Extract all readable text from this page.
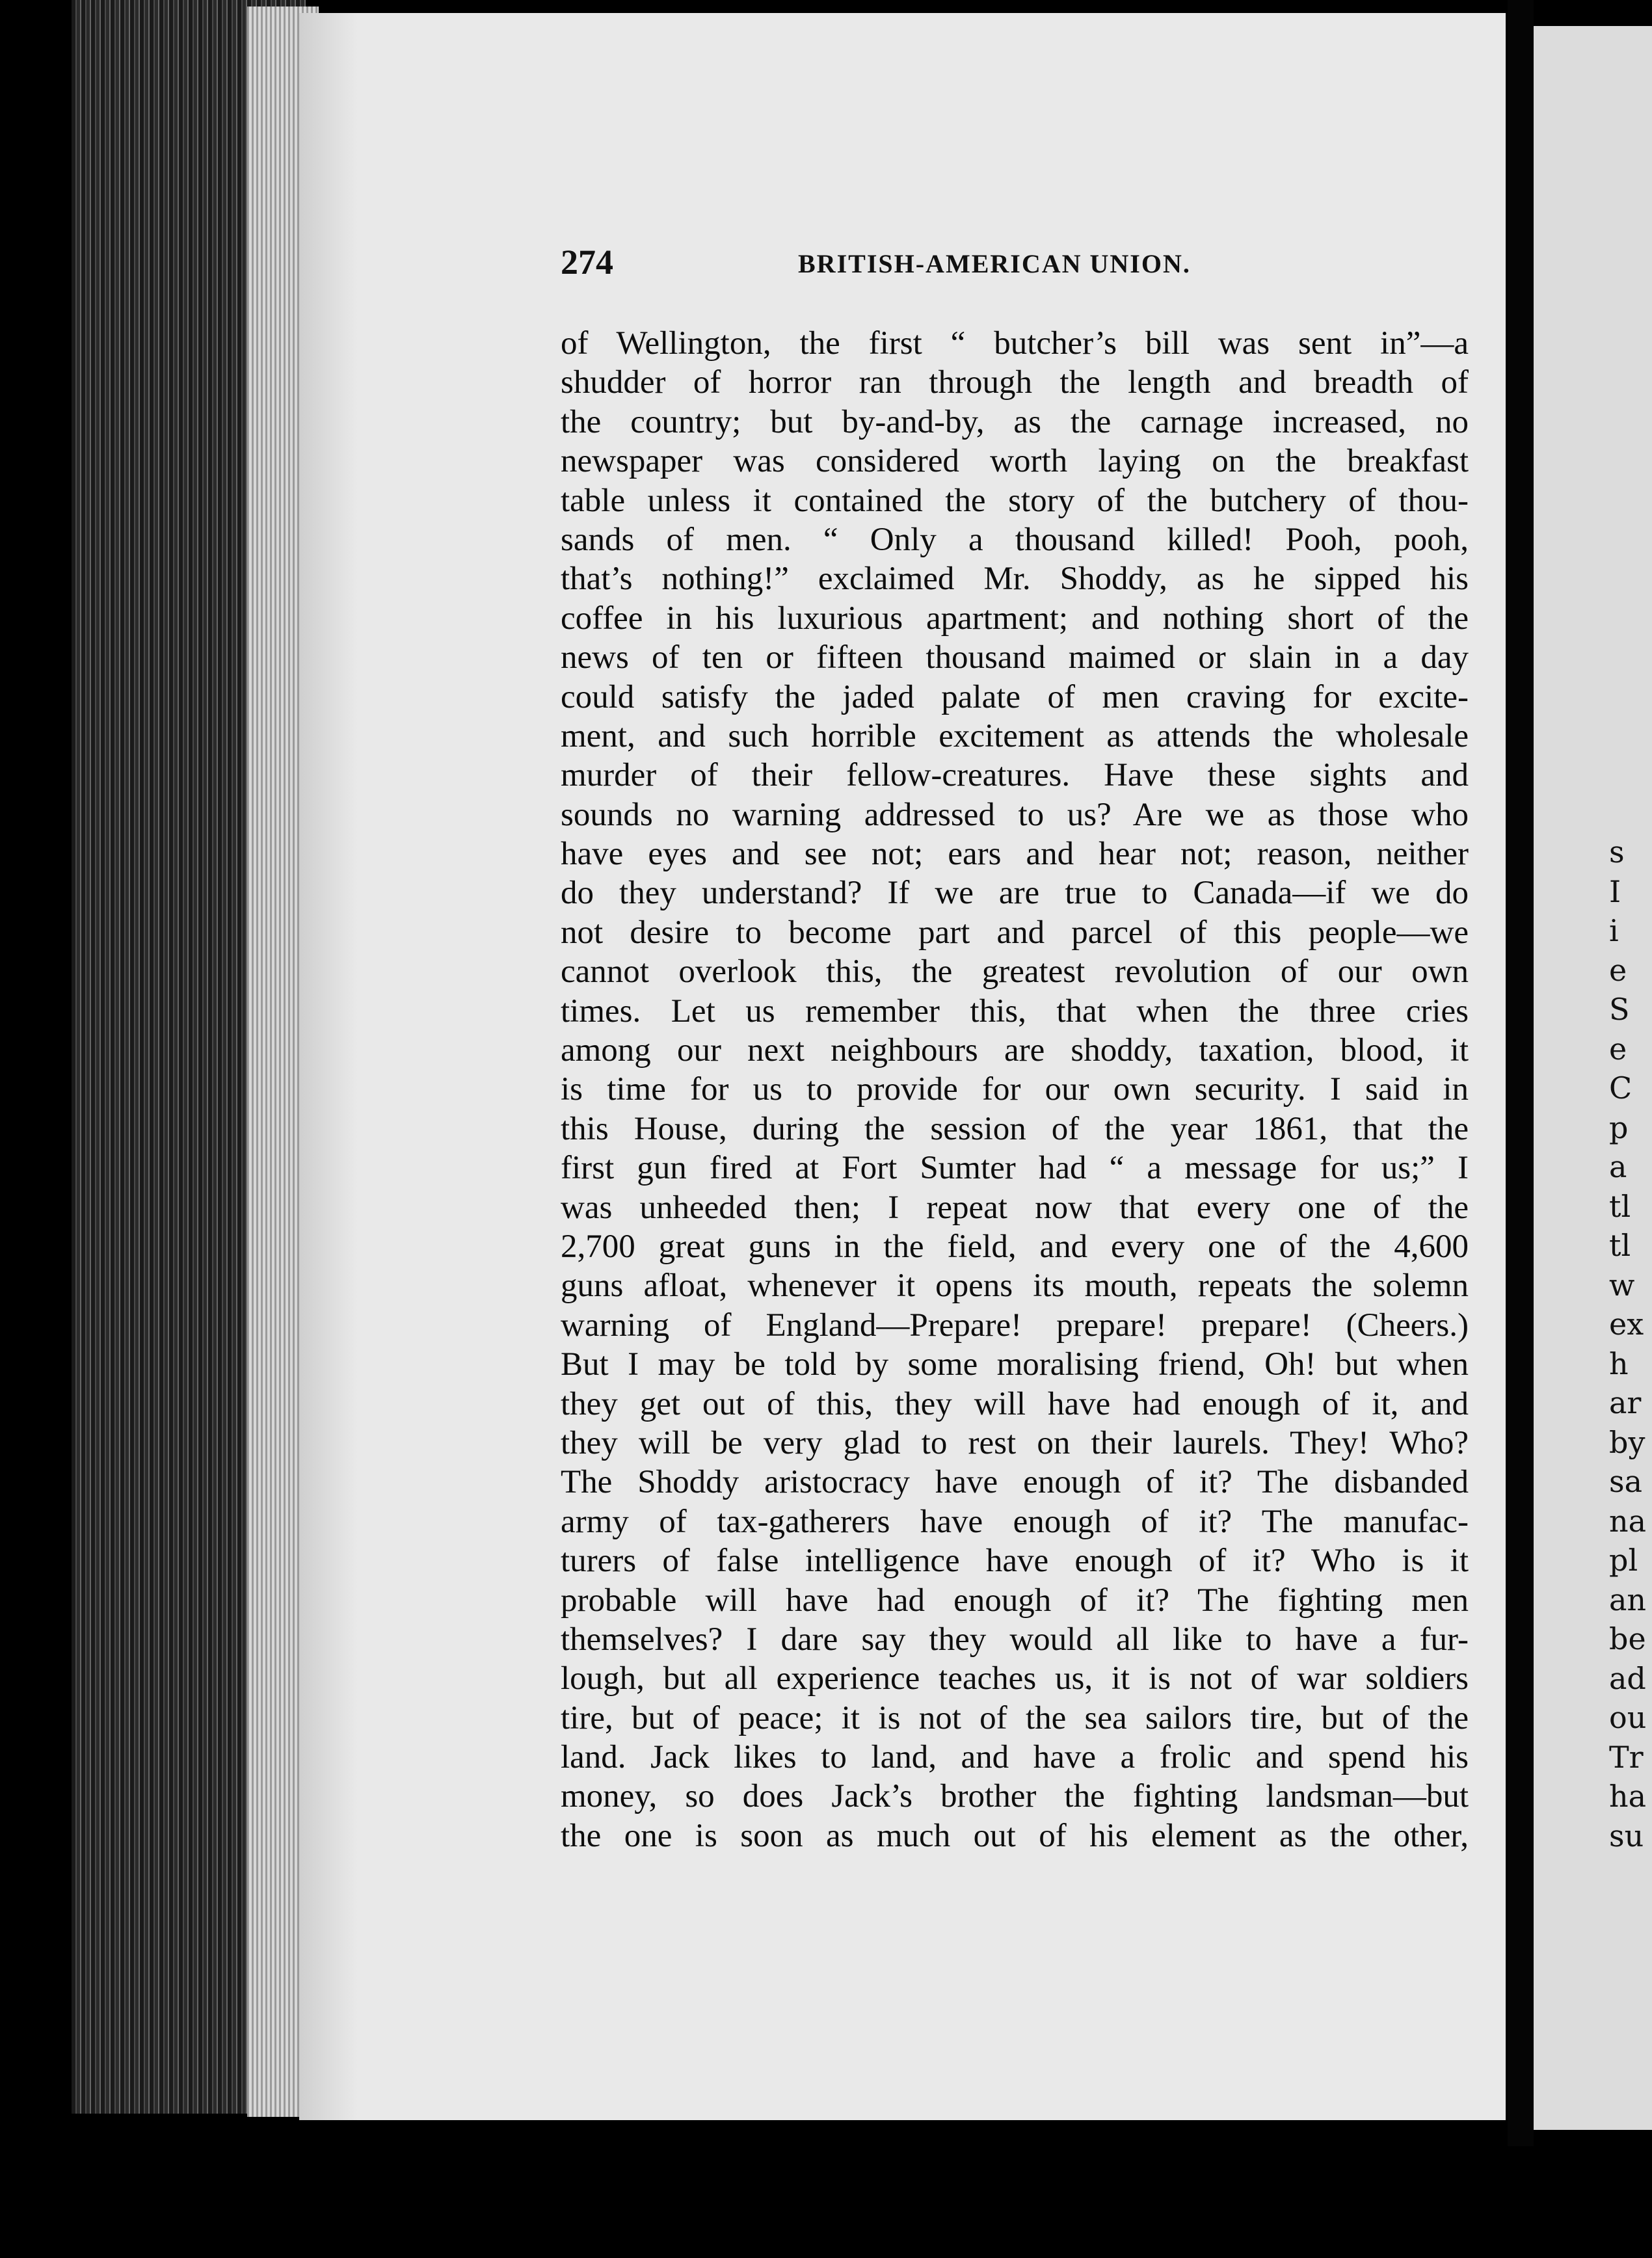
s
I
i
e
S
e
C
p
a
tl
tl
w
ex
h
ar
by
sa
na
pl
an
be
ad
ou
Tr
ha
su
274	BRITISH-AMERICAN UNION.
of Wellington, the first “ butcher’s bill was sent in”—a
shudder of horror ran through the length and breadth of
the country; but by-and-by, as the carnage increased, no
newspaper was considered worth laying on the breakfast
table unless it contained the story of the butchery of thou-
sands of men. “ Only a thousand killed! Pooh, pooh,
that’s nothing!” exclaimed Mr. Shoddy, as he sipped his
coffee in his luxurious apartment; and nothing short of the
news of ten or fifteen thousand maimed or slain in a day
could satisfy the jaded palate of men craving for excite-
ment, and such horrible excitement as attends the wholesale
murder of their fellow-creatures. Have these sights and
sounds no warning addressed to us? Are we as those who
have eyes and see not; ears and hear not; reason, neither
do they understand? If we are true to Canada—if we do
not desire to become part and parcel of this people—we
cannot overlook this, the greatest revolution of our own
times. Let us remember this, that when the three cries
among our next neighbours are shoddy, taxation, blood, it
is time for us to provide for our own security. I said in
this House, during the session of the year 1861, that the
first gun fired at Fort Sumter had “ a message for us;” I
was unheeded then; I repeat now that every one of the
2,700 great guns in the field, and every one of the 4,600
guns afloat, whenever it opens its mouth, repeats the solemn
warning of England—Prepare! prepare! prepare! (Cheers.)
But I may be told by some moralising friend, Oh! but when
they get out of this, they will have had enough of it, and
they will be very glad to rest on their laurels. They! Who?
The Shoddy aristocracy have enough of it? The disbanded
army of tax-gatherers have enough of it? The manufac-
turers of false intelligence have enough of it? Who is it
probable will have had enough of it? The fighting men
themselves? I dare say they would all like to have a fur-
lough, but all experience teaches us, it is not of war soldiers
tire, but of peace; it is not of the sea sailors tire, but of the
land. Jack likes to land, and have a frolic and spend his
money, so does Jack’s brother the fighting landsman—but
the one is soon as much out of his element as the other,
